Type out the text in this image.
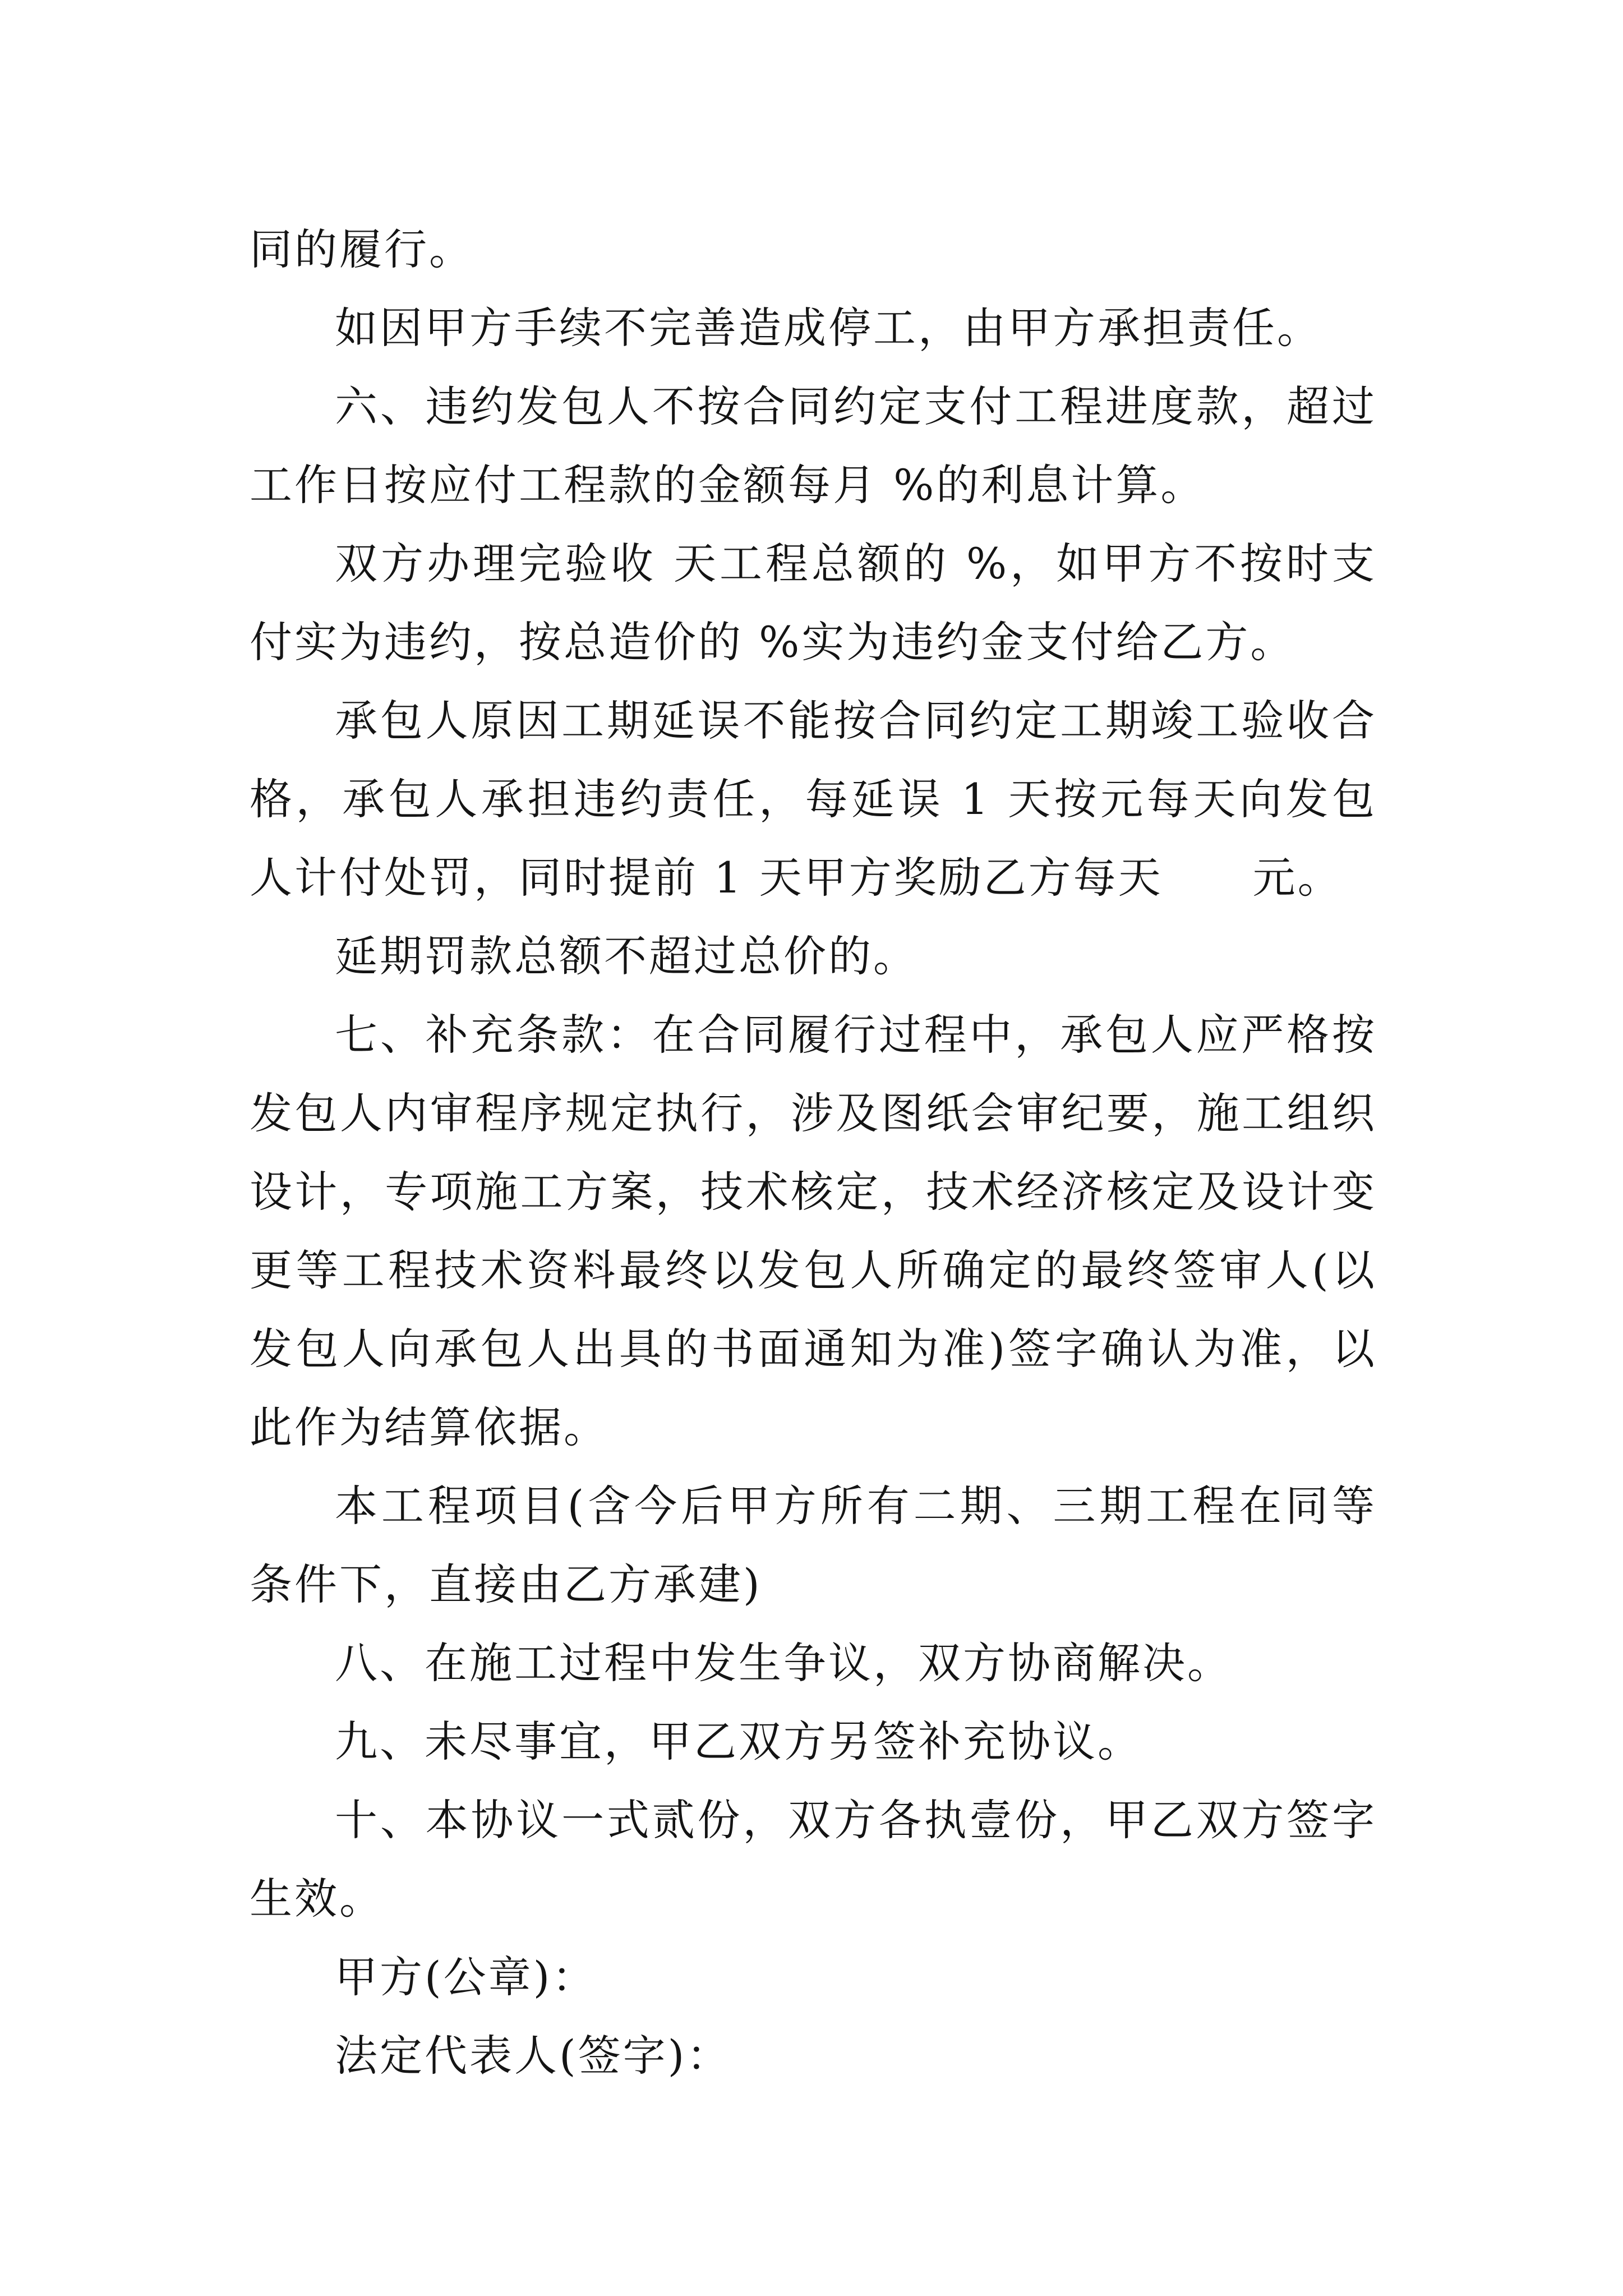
同的履行。

如因甲方手续不完善造成停工，由甲方承担责任。

六、违约发包人不按合同约定支付工程进度款，超过工作日按应付工程款的金额每月 %的利息计算。

双方办理完验收 天工程总额的 %，如甲方不按时支付实为违约，按总造价的 %实为违约金支付给乙方。

承包人原因工期延误不能按合同约定工期竣工验收合格，承包人承担违约责任，每延误 1 天按元每天向发包人计付处罚，同时提前 1 天甲方奖励乙方每天　　元。

延期罚款总额不超过总价的。

七、补充条款：在合同履行过程中，承包人应严格按发包人内审程序规定执行，涉及图纸会审纪要，施工组织设计，专项施工方案，技术核定，技术经济核定及设计变更等工程技术资料最终以发包人所确定的最终签审人(以发包人向承包人出具的书面通知为准)签字确认为准，以此作为结算依据。

本工程项目(含今后甲方所有二期、三期工程在同等条件下，直接由乙方承建)

八、在施工过程中发生争议，双方协商解决。

九、未尽事宜，甲乙双方另签补充协议。

十、本协议一式贰份，双方各执壹份，甲乙双方签字生效。

甲方(公章)：

法定代表人(签字)：
